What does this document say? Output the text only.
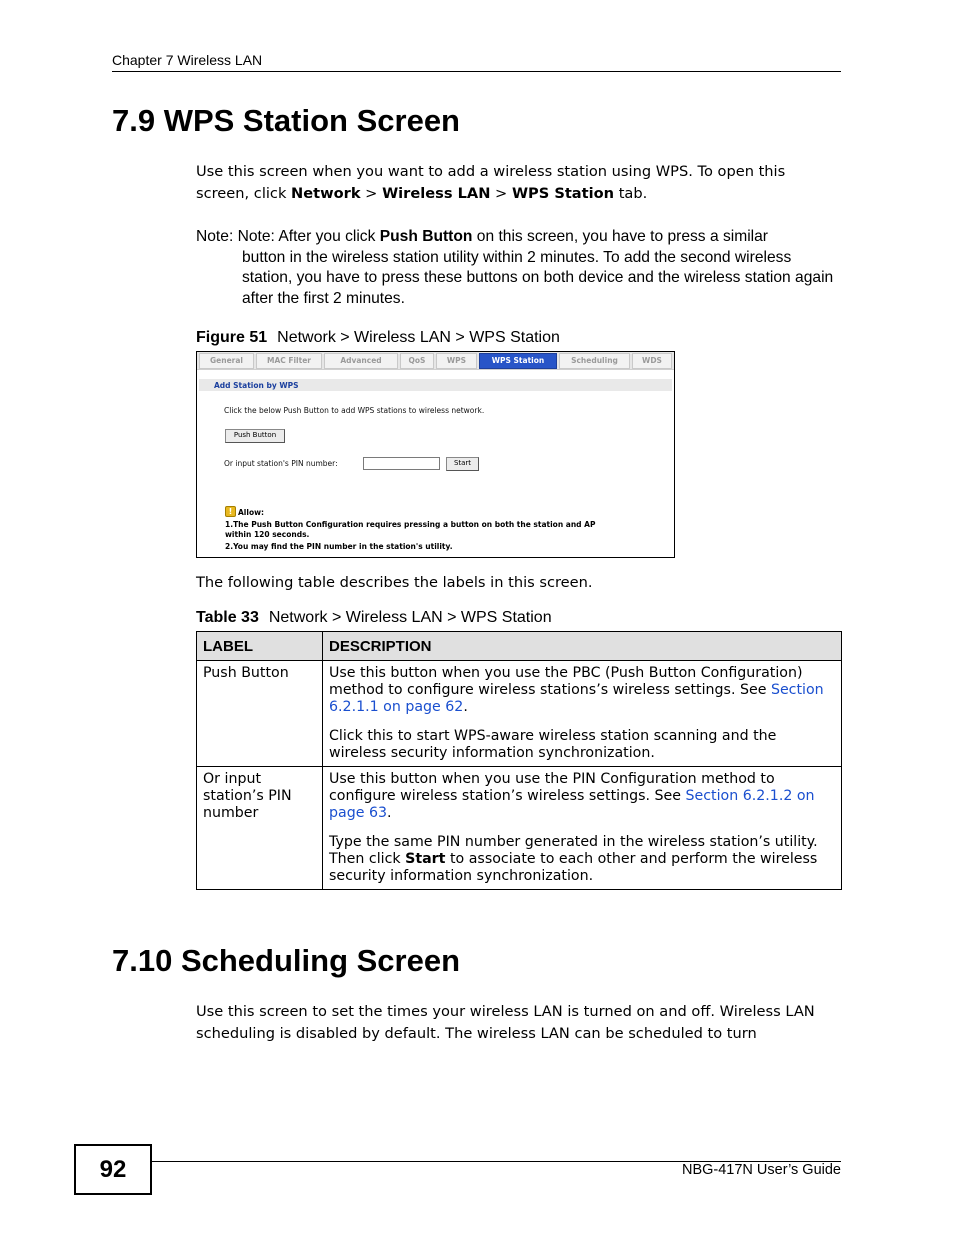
Chapter 7 Wireless LAN
7.9 WPS Station Screen

Use this screen when you want to add a wireless station using WPS. To open this screen, click Network > Wireless LAN > WPS Station tab.

Note: Note: After you click Push Button on this screen, you have to press a similar
button in the wireless station utility within 2 minutes. To add the second wireless station, you have to press these buttons on both device and the wireless station again after the first 2 minutes.
Figure 51 Network > Wireless LAN > WPS Station
General	MAC Filter	Advanced	QoS	WPS	WPS Station	Scheduling	WDS
Add Station by WPS
Click the below Push Button to add WPS stations to wireless network.
Push Button
Or input station's PIN number:	Start
! Allow:
1.The Push Button Configuration requires pressing a button on both the station and AP
within 120 seconds.
2.You may find the PIN number in the station's utility.

The following table describes the labels in this screen.

Table 33 Network > Wireless LAN > WPS Station
LABEL	DESCRIPTION
Push Button	Use this button when you use the PBC (Push Button Configuration) method to configure wireless stations’s wireless settings. See Section 6.2.1.1 on page 62.

Click this to start WPS-aware wireless station scanning and the wireless security information synchronization.

Or input station’s PIN number	Use this button when you use the PIN Configuration method to configure wireless station’s wireless settings. See Section 6.2.1.2 on page 63.

Type the same PIN number generated in the wireless station’s utility. Then click Start to associate to each other and perform the wireless security information synchronization.

7.10 Scheduling Screen

Use this screen to set the times your wireless LAN is turned on and off. Wireless LAN scheduling is disabled by default. The wireless LAN can be scheduled to turn

92	NBG-417N User’s Guide
